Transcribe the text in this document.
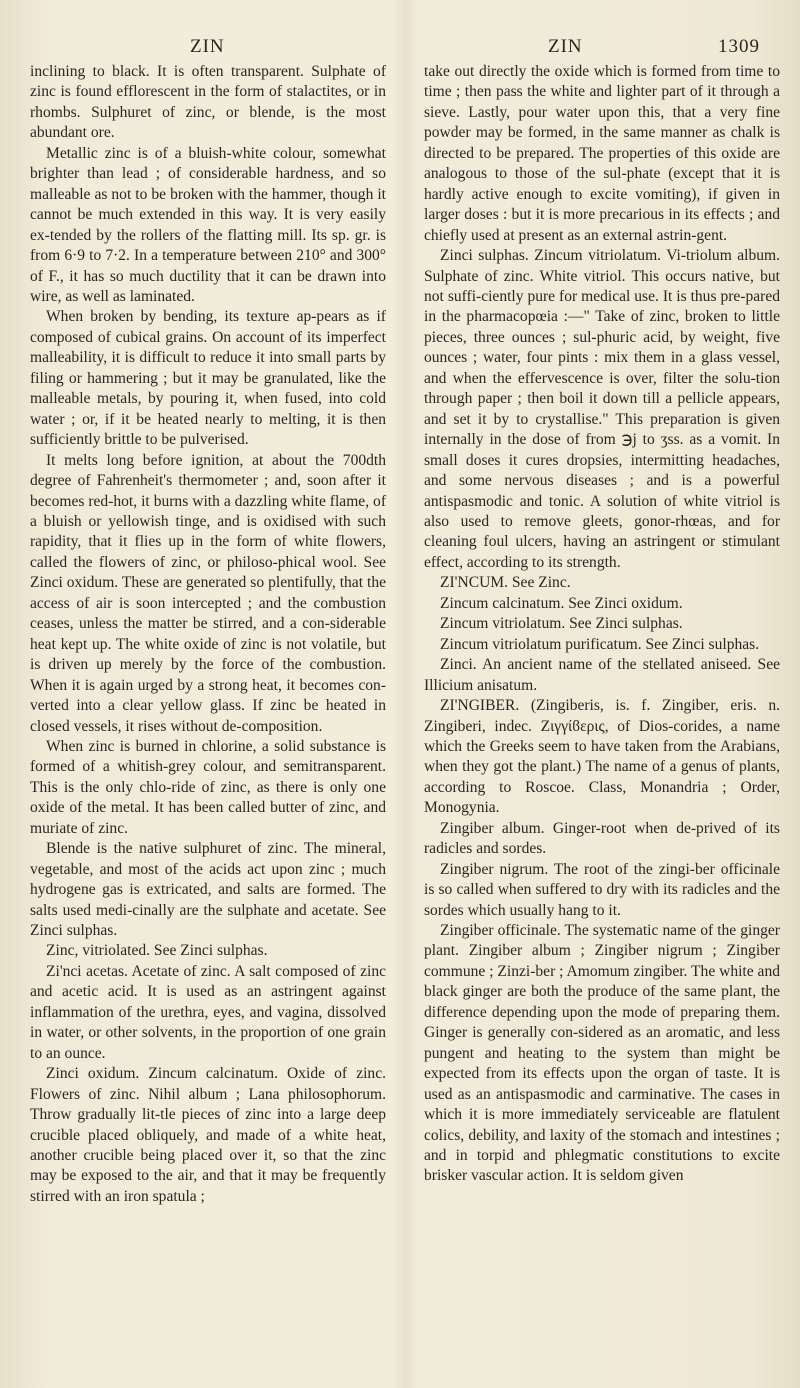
ZIN	ZIN	1309

inclining to black. It is often transparent. Sulphate of zinc is found efflorescent in the form of stalactites, or in rhombs. Sulphuret of zinc, or blende, is the most abundant ore.

Metallic zinc is of a bluish-white colour, somewhat brighter than lead ; of considerable hardness, and so malleable as not to be broken with the hammer, though it cannot be much extended in this way. It is very easily ex-tended by the rollers of the flatting mill. Its sp. gr. is from 6·9 to 7·2. In a temperature between 210° and 300° of F., it has so much ductility that it can be drawn into wire, as well as laminated.

When broken by bending, its texture ap-pears as if composed of cubical grains. On account of its imperfect malleability, it is difficult to reduce it into small parts by filing or hammering ; but it may be granulated, like the malleable metals, by pouring it, when fused, into cold water ; or, if it be heated nearly to melting, it is then sufficiently brittle to be pulverised.

It melts long before ignition, at about the 700dth degree of Fahrenheit's thermometer ; and, soon after it becomes red-hot, it burns with a dazzling white flame, of a bluish or yellowish tinge, and is oxidised with such rapidity, that it flies up in the form of white flowers, called the flowers of zinc, or philoso-phical wool. See Zinci oxidum. These are generated so plentifully, that the access of air is soon intercepted ; and the combustion ceases, unless the matter be stirred, and a con-siderable heat kept up. The white oxide of zinc is not volatile, but is driven up merely by the force of the combustion. When it is again urged by a strong heat, it becomes con-verted into a clear yellow glass. If zinc be heated in closed vessels, it rises without de-composition.

When zinc is burned in chlorine, a solid substance is formed of a whitish-grey colour, and semitransparent. This is the only chlo-ride of zinc, as there is only one oxide of the metal. It has been called butter of zinc, and muriate of zinc.

Blende is the native sulphuret of zinc. The mineral, vegetable, and most of the acids act upon zinc ; much hydrogene gas is extricated, and salts are formed. The salts used medi-cinally are the sulphate and acetate. See Zinci sulphas.

Zinc, vitriolated. See Zinci sulphas.

Zi'nci acetas. Acetate of zinc. A salt composed of zinc and acetic acid. It is used as an astringent against inflammation of the urethra, eyes, and vagina, dissolved in water, or other solvents, in the proportion of one grain to an ounce.

Zinci oxidum. Zincum calcinatum. Oxide of zinc. Flowers of zinc. Nihil album ; Lana philosophorum. Throw gradually lit-tle pieces of zinc into a large deep crucible placed obliquely, and made of a white heat, another crucible being placed over it, so that the zinc may be exposed to the air, and that it may be frequently stirred with an iron spatula ;

take out directly the oxide which is formed from time to time ; then pass the white and lighter part of it through a sieve. Lastly, pour water upon this, that a very fine powder may be formed, in the same manner as chalk is directed to be prepared. The properties of this oxide are analogous to those of the sul-phate (except that it is hardly active enough to excite vomiting), if given in larger doses : but it is more precarious in its effects ; and chiefly used at present as an external astrin-gent.

Zinci sulphas. Zincum vitriolatum. Vi-triolum album. Sulphate of zinc. White vitriol. This occurs native, but not suffi-ciently pure for medical use. It is thus pre-pared in the pharmacopœia :—" Take of zinc, broken to little pieces, three ounces ; sul-phuric acid, by weight, five ounces ; water, four pints : mix them in a glass vessel, and when the effervescence is over, filter the solu-tion through paper ; then boil it down till a pellicle appears, and set it by to crystallise." This preparation is given internally in the dose of from ℈j to ʒss. as a vomit. In small doses it cures dropsies, intermitting headaches, and some nervous diseases ; and is a powerful antispasmodic and tonic. A solution of white vitriol is also used to remove gleets, gonor-rhœas, and for cleaning foul ulcers, having an astringent or stimulant effect, according to its strength.

ZI'NCUM. See Zinc.

Zincum calcinatum. See Zinci oxidum.

Zincum vitriolatum. See Zinci sulphas.

Zincum vitriolatum purificatum. See Zinci sulphas.

Zinci. An ancient name of the stellated aniseed. See Illicium anisatum.

ZI'NGIBER. (Zingiberis, is. f. Zingiber, eris. n. Zingiberi, indec. Ζιγγίϐερις, of Dios-corides, a name which the Greeks seem to have taken from the Arabians, when they got the plant.) The name of a genus of plants, according to Roscoe. Class, Monandria ; Order, Monogynia.

Zingiber album. Ginger-root when de-prived of its radicles and sordes.

Zingiber nigrum. The root of the zingi-ber officinale is so called when suffered to dry with its radicles and the sordes which usually hang to it.

Zingiber officinale. The systematic name of the ginger plant. Zingiber album ; Zingiber nigrum ; Zingiber commune ; Zinzi-ber ; Amomum zingiber. The white and black ginger are both the produce of the same plant, the difference depending upon the mode of preparing them. Ginger is generally con-sidered as an aromatic, and less pungent and heating to the system than might be expected from its effects upon the organ of taste. It is used as an antispasmodic and carminative. The cases in which it is more immediately serviceable are flatulent colics, debility, and laxity of the stomach and intestines ; and in torpid and phlegmatic constitutions to excite brisker vascular action. It is seldom given
